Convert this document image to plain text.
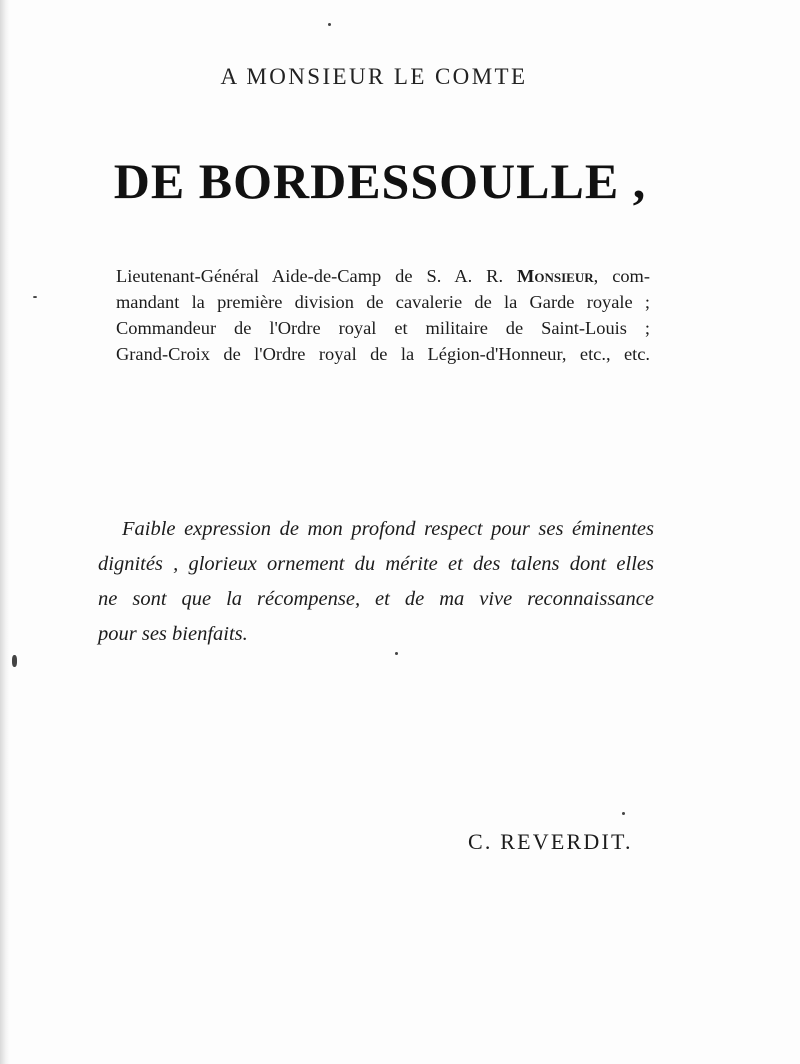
A MONSIEUR LE COMTE
DE BORDESSOULLE ,
Lieutenant-Général Aide-de-Camp de S. A. R. Monsieur, com-
mandant la première division de cavalerie de la Garde royale ;
Commandeur de l'Ordre royal et militaire de Saint-Louis ;
Grand-Croix de l'Ordre royal de la Légion-d'Honneur, etc., etc.
Faible expression de mon profond respect pour ses éminentes
dignités , glorieux ornement du mérite et des talens dont elles
ne sont que la récompense, et de ma vive reconnaissance
pour ses bienfaits.
C. REVERDIT.
